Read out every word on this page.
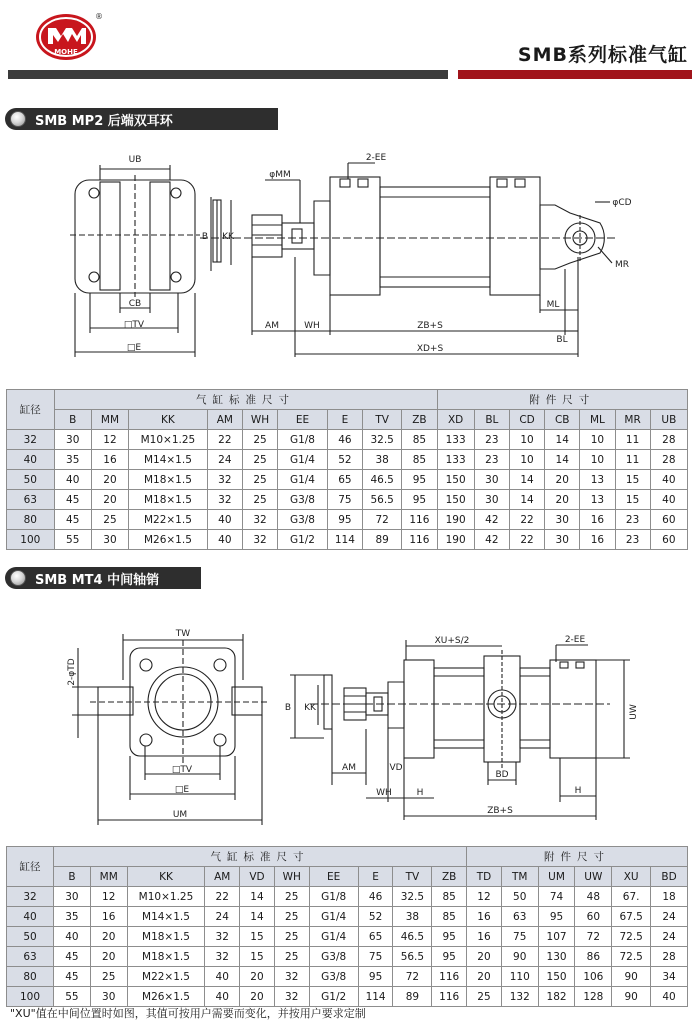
MOHE
®
SMB系列标准气缸
SMB MP2 后端双耳环
UB
CB
□TV
□E
B KK
φMM
2-EE
φCD
MR
ML
AM	WH	ZB+S
BL
XD+S
缸径	气缸标准尺寸									附件尺寸						
	B	MM	KK	AM	WH	EE	E	TV	ZB	XD	BL	CD	CB	ML	MR	UB
32	30	12	M10×1.25	22	25	G1/8	46	32.5	85	133	23	10	14	10	11	28
40	35	16	M14×1.5	24	25	G1/4	52	38	85	133	23	10	14	10	11	28
50	40	20	M18×1.5	32	25	G1/4	65	46.5	95	150	30	14	20	13	15	40
63	45	20	M18×1.5	32	25	G3/8	75	56.5	95	150	30	14	20	13	15	40
80	45	25	M22×1.5	40	32	G3/8	95	72	116	190	42	22	30	16	23	60
100	55	30	M26×1.5	40	32	G1/2	114	89	116	190	42	22	30	16	23	60
SMB MT4 中间轴销
TW
2-φTD
□TV
□E
UM
B KK
XU+S/2	2-EE
UW
AM	VD
WH	H
BD
H
ZB+S
缸径	气缸标准尺寸										附件尺寸					
	B	MM	KK	AM	VD	WH	EE	E	TV	ZB	TD	TM	UM	UW	XU	BD
32	30	12	M10×1.25	22	14	25	G1/8	46	32.5	85	12	50	74	48	67.	18
40	35	16	M14×1.5	24	14	25	G1/4	52	38	85	16	63	95	60	67.5	24
50	40	20	M18×1.5	32	15	25	G1/4	65	46.5	95	16	75	107	72	72.5	24
63	45	20	M18×1.5	32	15	25	G3/8	75	56.5	95	20	90	130	86	72.5	28
80	45	25	M22×1.5	40	20	32	G3/8	95	72	116	20	110	150	106	90	34
100	55	30	M26×1.5	40	20	32	G1/2	114	89	116	25	132	182	128	90	40
"XU"值在中间位置时如图，其值可按用户需要而变化，并按用户要求定制
